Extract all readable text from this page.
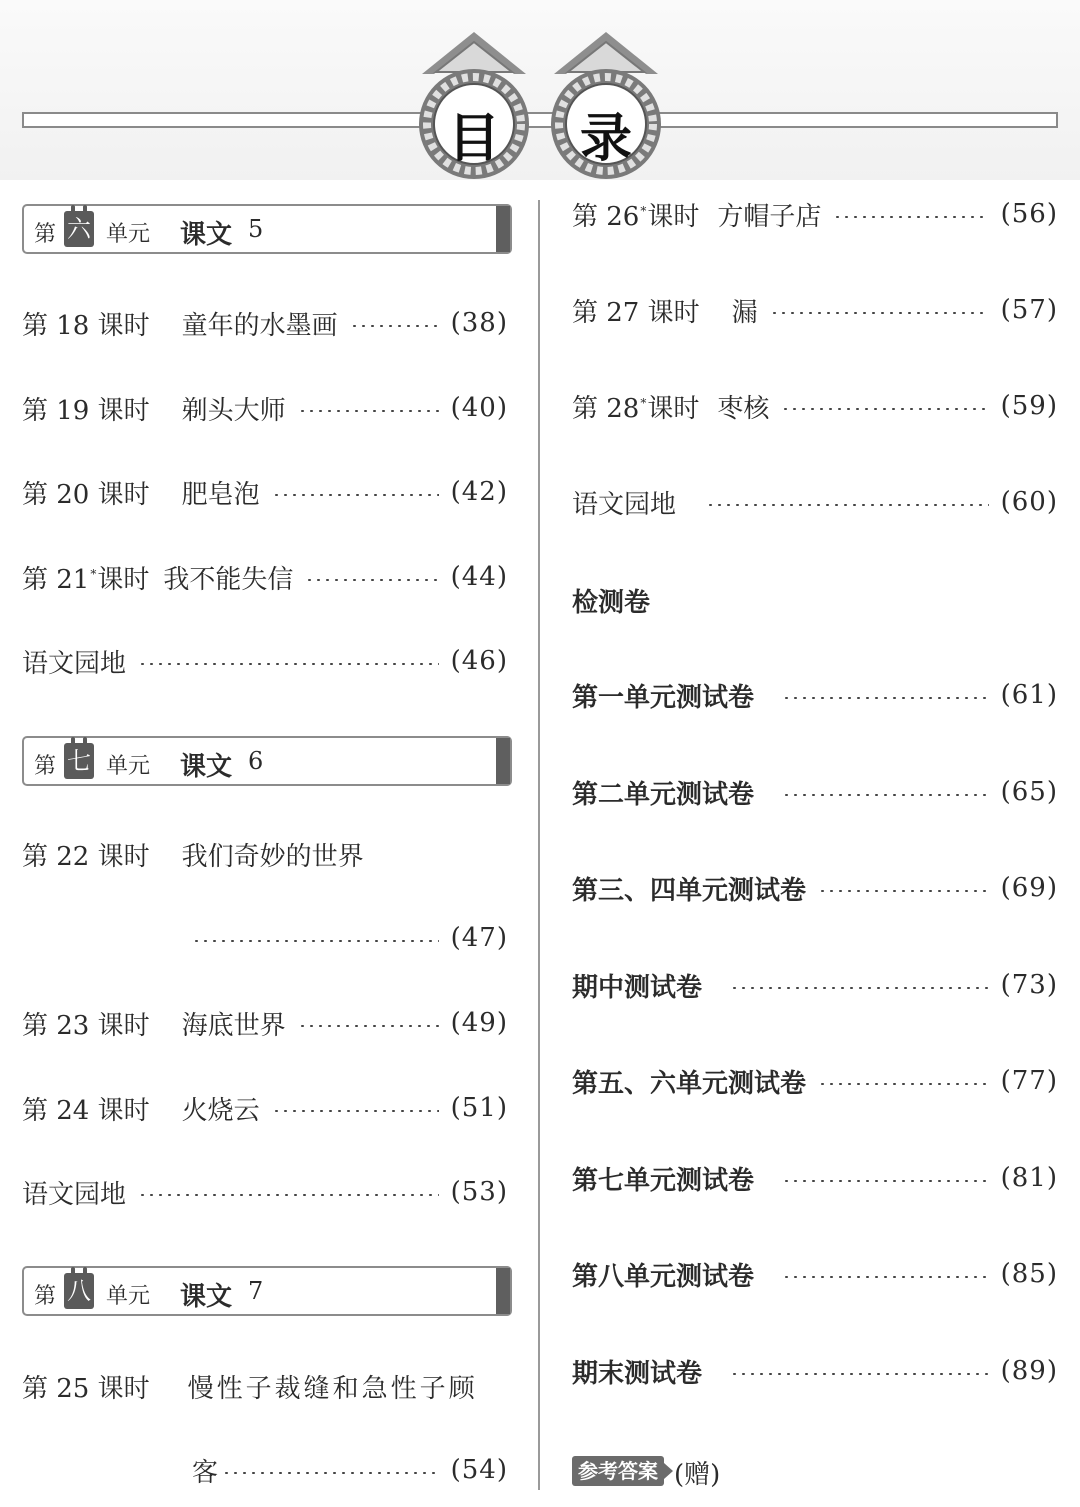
目	录
第 六 单元 课文 5
第 18 课时 童年的水墨画	(38)
第 19 课时 剃头大师	(40)
第 20 课时 肥皂泡	(42)
第 21*课时 我不能失信	(44)
语文园地	(46)
第 七 单元 课文 6
第 22 课时 我们奇妙的世界
(47)
第 23 课时 海底世界	(49)
第 24 课时 火烧云	(51)
语文园地	(53)
第 八 单元 课文 7
第 25 课时 慢性子裁缝和急性子顾
客	(54)
第 26*课时 方帽子店	(56)
第 27 课时 漏	(57)
第 28*课时 枣核	(59)
语文园地	(60)
检测卷
第一单元测试卷	(61)
第二单元测试卷	(65)
第三、四单元测试卷	(69)
期中测试卷	(73)
第五、六单元测试卷	(77)
第七单元测试卷	(81)
第八单元测试卷	(85)
期末测试卷	(89)
参考答案 (赠)
